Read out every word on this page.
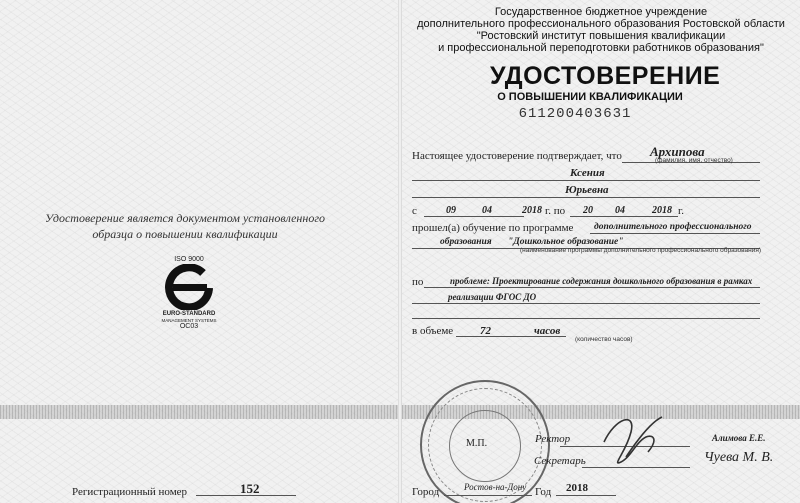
Удостоверение является документом установленного
образца о повышении квалификации
ISO 9000
EURO-STANDARD
MANAGEMENT SYSTEMS
ОС03
Регистрационный номер	152
Государственное бюджетное учреждение
дополнительного профессионального образования Ростовской области
"Ростовский институт повышения квалификации
и профессиональной переподготовки работников образования"
УДОСТОВЕРЕНИЕ
О ПОВЫШЕНИИ КВАЛИФИКАЦИИ
611200403631
Настоящее удостоверение подтверждает, что Архипова
(фамилия, имя, отчество)
Ксения
Юрьевна
с	09	04	2018 г. по 20 04	2018 г.
прошел(а) обучение по программе дополнительного профессионального
образования "Дошкольное образование"
(наименование программы дополнительного профессионального образования)
по	проблеме: Проектирование содержания дошкольного образования в рамках
реализации ФГОС ДО
в объеме 72	часов
(количество часов)
М.П.	Ректор	Алимова Е.Е.
Секретарь	Чуева М. В.
Город	Ростов-на-Дону Год 2018
